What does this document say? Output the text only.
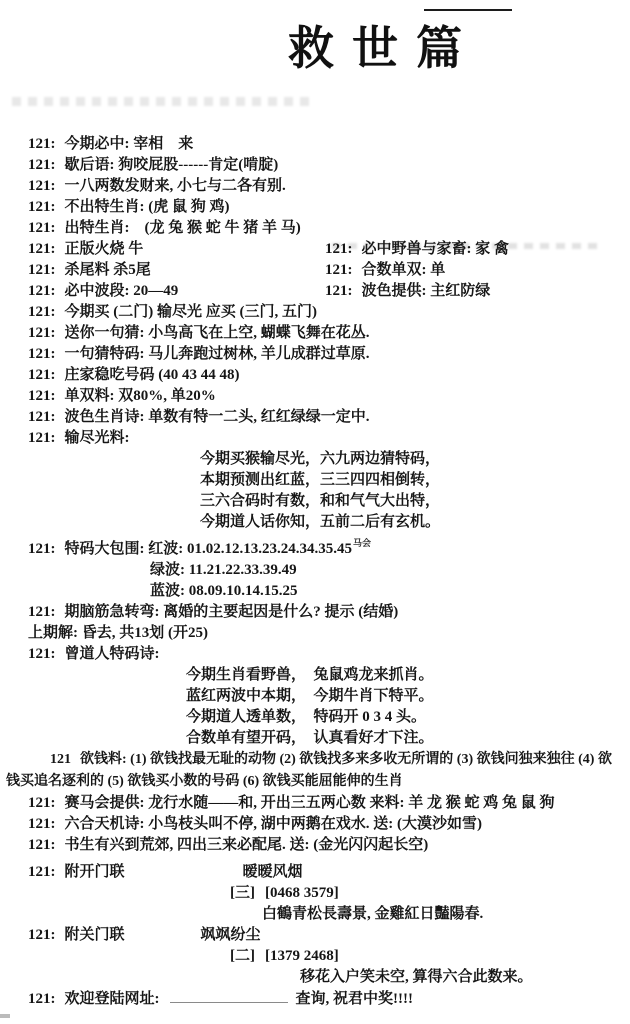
救世篇
121: 今期必中: 宰相　来
121: 歇后语: 狗咬屁股------肯定(啃腚)
121: 一八两数发财来, 小七与二各有别.
121: 不出特生肖: (虎 鼠 狗 鸡)
121: 出特生肖:　(龙 兔 猴 蛇 牛 猪 羊 马)
121: 正版火烧 牛	121: 必中野兽与家畜: 家 禽
121: 杀尾料 杀5尾	121: 合数单双: 单
121: 必中波段: 20—49	121: 波色提供: 主红防绿
121: 今期买 (二门) 输尽光 应买 (三门, 五门)
121: 送你一句猜: 小鸟高飞在上空, 蝴蝶飞舞在花丛.
121: 一句猜特码: 马儿奔跑过树林, 羊儿成群过草原.
121: 庄家稳吃号码 (40 43 44 48)
121: 单双料: 双80%, 单20%
121: 波色生肖诗: 单数有特一二头, 红红绿绿一定中.
121: 输尽光料:
今期买猴输尽光，六九两边猜特码，
本期预测出红蓝，三三四四相倒转，
三六合码时有数，和和气气大出特，
今期道人话你知，五前二后有玄机。
121: 特码大包围: 红波: $01.02.12.13.23.24.34.35.45^{马会}$
绿波: 11.21.22.33.39.49
蓝波: 08.09.10.14.15.25
121: 期脑筋急转弯: 离婚的主要起因是什么? 提示 (结婚)
上期解: 昏去, 共13划 (开25)
121: 曾道人特码诗:
今期生肖看野兽，　兔鼠鸡龙来抓肖。
蓝红两波中本期，　今期牛肖下特平。
今期道人透单数，　特码开 0 3 4 头。
合数单有望开码，　认真看好才下注。
121 欲钱料: (1) 欲钱找最无耻的动物 (2) 欲钱找多来多收无所谓的 (3) 欲钱问独来独往 (4) 欲钱买追名逐利的 (5) 欲钱买小数的号码 (6) 欲钱买能屈能伸的生肖
121: 赛马会提供: 龙行水随——和, 开出三五两心数 来料: 羊 龙 猴 蛇 鸡 兔 鼠 狗
121: 六合天机诗: 小鸟枝头叫不停, 湖中两鹅在戏水. 送: (大漠沙如雪)
121: 书生有兴到荒郊, 四出三来必配尾. 送: (金光闪闪起长空)
121: 附开门联	暧暧风烟
[三] [0468 3579]
白鶴青松長壽景, 金雞紅日豔陽春.
121: 附关门联	飒飒纷尘
[二] [1379 2468]
移花入户笑未空, 算得六合此数来。
121: 欢迎登陆网址:	查询, 祝君中奖!!!!
